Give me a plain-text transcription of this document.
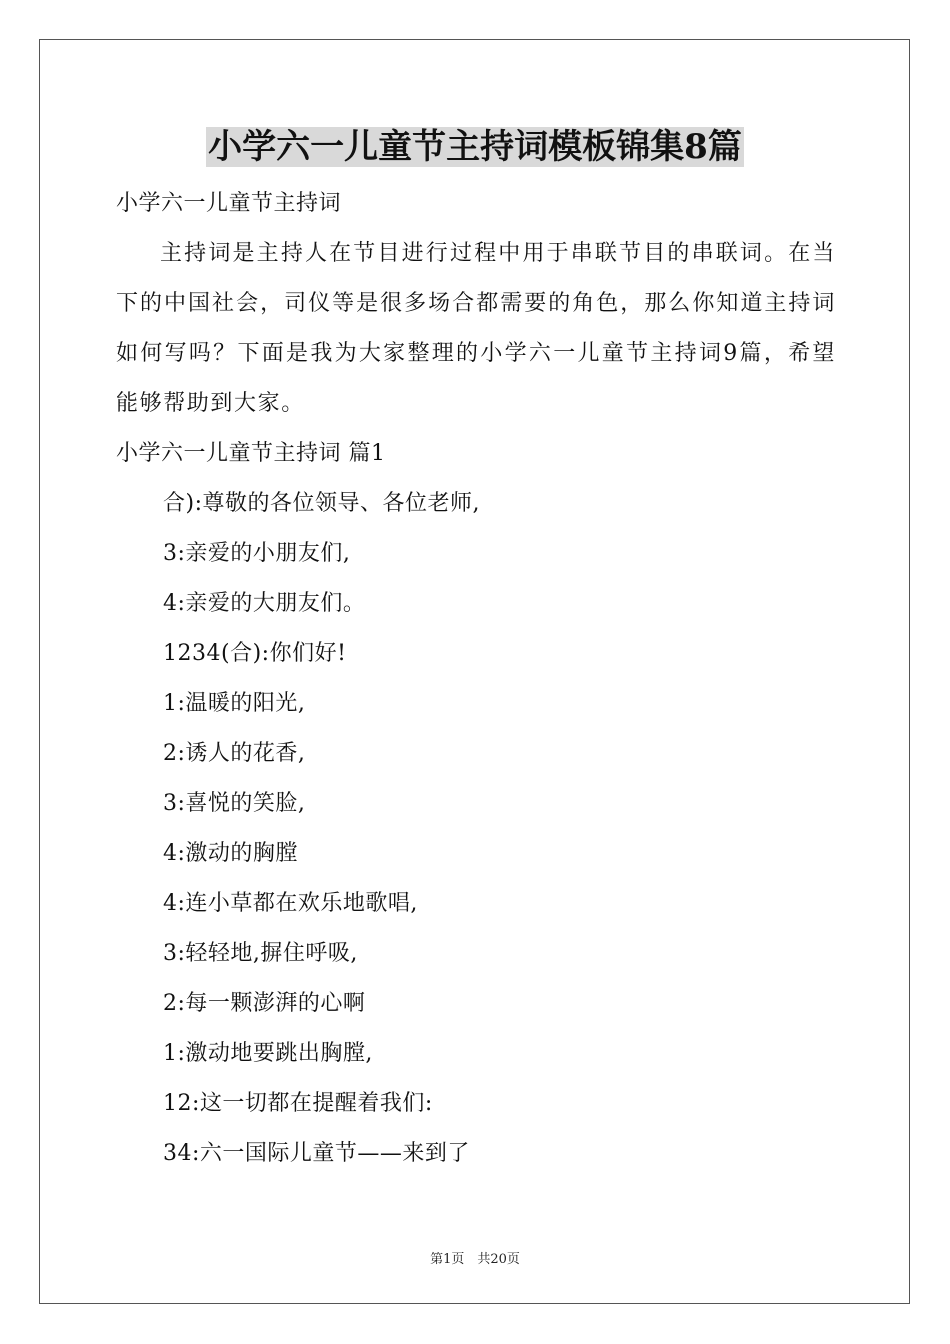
小学六一儿童节主持词模板锦集8篇

小学六一儿童节主持词

主持词是主持人在节目进行过程中用于串联节目的串联词。在当下的中国社会，司仪等是很多场合都需要的角色，那么你知道主持词如何写吗？下面是我为大家整理的小学六一儿童节主持词9篇，希望能够帮助到大家。

小学六一儿童节主持词 篇1

合):尊敬的各位领导、各位老师,

3:亲爱的小朋友们,

4:亲爱的大朋友们。

1234(合):你们好!

1:温暖的阳光,

2:诱人的花香,

3:喜悦的笑脸,

4:激动的胸膛

4:连小草都在欢乐地歌唱,

3:轻轻地,摒住呼吸,

2:每一颗澎湃的心啊

1:激动地要跳出胸膛,

12:这一切都在提醒着我们:

34:六一国际儿童节——来到了

第1页　共20页
